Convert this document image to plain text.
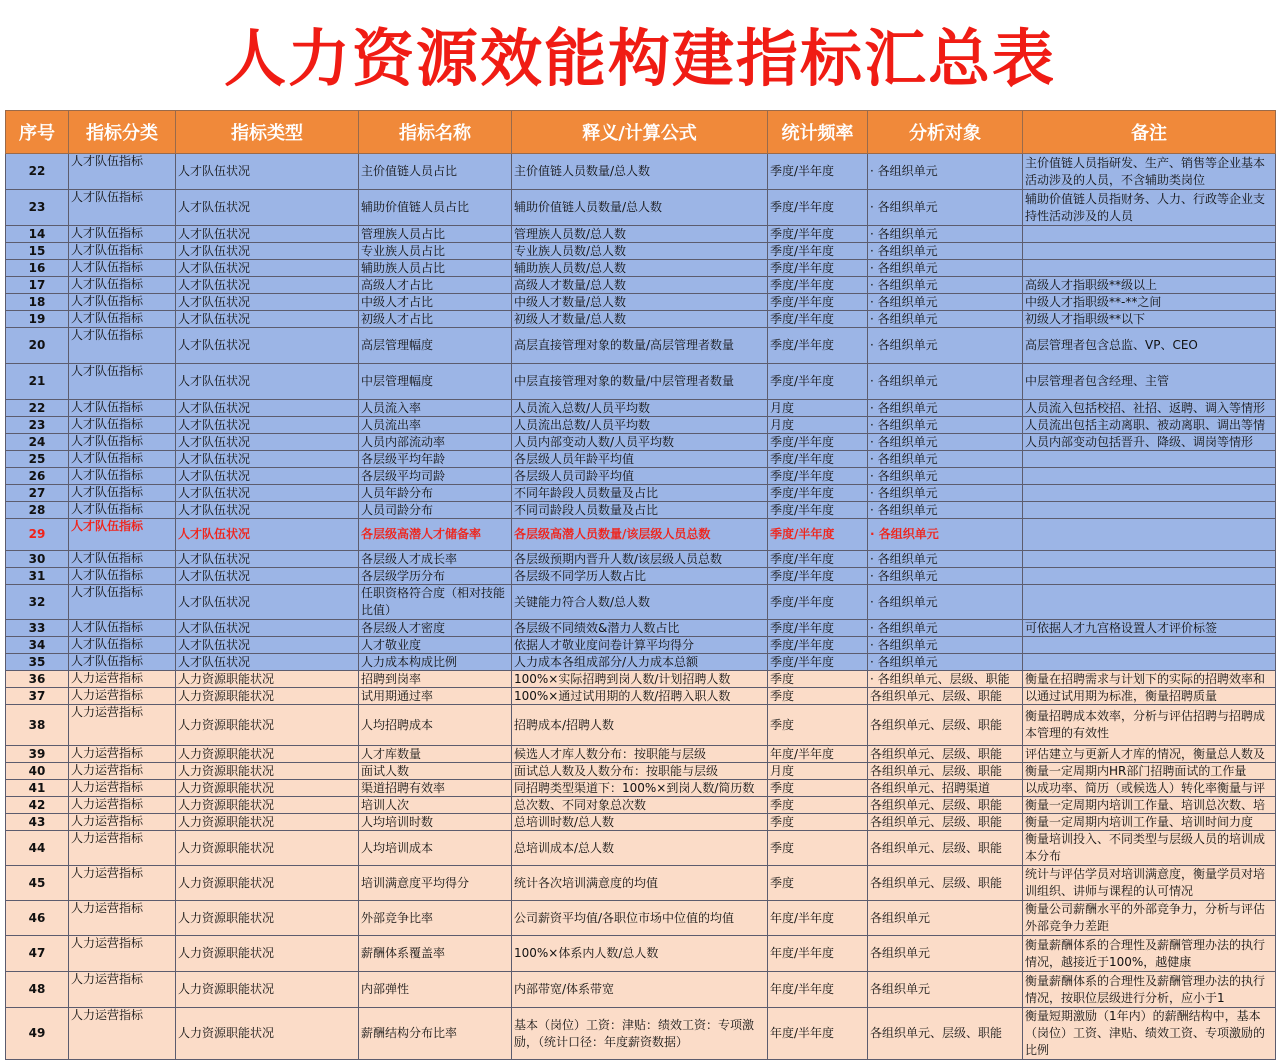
人力资源效能构建指标汇总表
序号	指标分类	指标类型	指标名称	释义/计算公式	统计频率	分析对象	备注
22	人才队伍指标	人才队伍状况	主价值链人员占比	主价值链人员数量/总人数	季度/半年度	· 各组织单元	主价值链人员指研发、生产、销售等企业基本活动涉及的人员，不含辅助类岗位
23	人才队伍指标	人才队伍状况	辅助价值链人员占比	辅助价值链人员数量/总人数	季度/半年度	· 各组织单元	辅助价值链人员指财务、人力、行政等企业支持性活动涉及的人员
14	人才队伍指标	人才队伍状况	管理族人员占比	管理族人员数/总人数	季度/半年度	· 各组织单元	
15	人才队伍指标	人才队伍状况	专业族人员占比	专业族人员数/总人数	季度/半年度	· 各组织单元	
16	人才队伍指标	人才队伍状况	辅助族人员占比	辅助族人员数/总人数	季度/半年度	· 各组织单元	
17	人才队伍指标	人才队伍状况	高级人才占比	高级人才数量/总人数	季度/半年度	· 各组织单元	高级人才指职级**级以上
18	人才队伍指标	人才队伍状况	中级人才占比	中级人才数量/总人数	季度/半年度	· 各组织单元	中级人才指职级**-**之间
19	人才队伍指标	人才队伍状况	初级人才占比	初级人才数量/总人数	季度/半年度	· 各组织单元	初级人才指职级**以下
20	人才队伍指标	人才队伍状况	高层管理幅度	高层直接管理对象的数量/高层管理者数量	季度/半年度	· 各组织单元	高层管理者包含总监、VP、CEO
21	人才队伍指标	人才队伍状况	中层管理幅度	中层直接管理对象的数量/中层管理者数量	季度/半年度	· 各组织单元	中层管理者包含经理、主管
22	人才队伍指标	人才队伍状况	人员流入率	人员流入总数/人员平均数	月度	· 各组织单元	人员流入包括校招、社招、返聘、调入等情形
23	人才队伍指标	人才队伍状况	人员流出率	人员流出总数/人员平均数	月度	· 各组织单元	人员流出包括主动离职、被动离职、调出等情
24	人才队伍指标	人才队伍状况	人员内部流动率	人员内部变动人数/人员平均数	季度/半年度	· 各组织单元	人员内部变动包括晋升、降级、调岗等情形
25	人才队伍指标	人才队伍状况	各层级平均年龄	各层级人员年龄平均值	季度/半年度	· 各组织单元	
26	人才队伍指标	人才队伍状况	各层级平均司龄	各层级人员司龄平均值	季度/半年度	· 各组织单元	
27	人才队伍指标	人才队伍状况	人员年龄分布	不同年龄段人员数量及占比	季度/半年度	· 各组织单元	
28	人才队伍指标	人才队伍状况	人员司龄分布	不同司龄段人员数量及占比	季度/半年度	· 各组织单元	
29	人才队伍指标	人才队伍状况	各层级高潜人才储备率	各层级高潜人员数量/该层级人员总数	季度/半年度	· 各组织单元	
30	人才队伍指标	人才队伍状况	各层级人才成长率	各层级预期内晋升人数/该层级人员总数	季度/半年度	· 各组织单元	
31	人才队伍指标	人才队伍状况	各层级学历分布	各层级不同学历人数占比	季度/半年度	· 各组织单元	
32	人才队伍指标	人才队伍状况	任职资格符合度（相对技能比值）	关键能力符合人数/总人数	季度/半年度	· 各组织单元	
33	人才队伍指标	人才队伍状况	各层级人才密度	各层级不同绩效&潜力人数占比	季度/半年度	· 各组织单元	可依据人才九宫格设置人才评价标签
34	人才队伍指标	人才队伍状况	人才敬业度	依据人才敬业度问卷计算平均得分	季度/半年度	· 各组织单元	
35	人才队伍指标	人才队伍状况	人力成本构成比例	人力成本各组成部分/人力成本总额	季度/半年度	· 各组织单元	
36	人力运营指标	人力资源职能状况	招聘到岗率	100%×实际招聘到岗人数/计划招聘人数	季度	· 各组织单元、层级、职能	衡量在招聘需求与计划下的实际的招聘效率和
37	人力运营指标	人力资源职能状况	试用期通过率	100%×通过试用期的人数/招聘入职人数	季度	各组织单元、层级、职能	以通过试用期为标准，衡量招聘质量
38	人力运营指标	人力资源职能状况	人均招聘成本	招聘成本/招聘人数	季度	各组织单元、层级、职能	衡量招聘成本效率，分析与评估招聘与招聘成本管理的有效性
39	人力运营指标	人力资源职能状况	人才库数量	候选人才库人数分布：按职能与层级	年度/半年度	各组织单元、层级、职能	评估建立与更新人才库的情况，衡量总人数及
40	人力运营指标	人力资源职能状况	面试人数	面试总人数及人数分布：按职能与层级	月度	各组织单元、层级、职能	衡量一定周期内HR部门招聘面试的工作量
41	人力运营指标	人力资源职能状况	渠道招聘有效率	同招聘类型渠道下：100%×到岗人数/简历数	季度	各组织单元、招聘渠道	以成功率、简历（或候选人）转化率衡量与评
42	人力运营指标	人力资源职能状况	培训人次	总次数、不同对象总次数	季度	各组织单元、层级、职能	衡量一定周期内培训工作量、培训总次数、培
43	人力运营指标	人力资源职能状况	人均培训时数	总培训时数/总人数	季度	各组织单元、层级、职能	衡量一定周期内培训工作量、培训时间力度
44	人力运营指标	人力资源职能状况	人均培训成本	总培训成本/总人数	季度	各组织单元、层级、职能	衡量培训投入、不同类型与层级人员的培训成本分布
45	人力运营指标	人力资源职能状况	培训满意度平均得分	统计各次培训满意度的均值	季度	各组织单元、层级、职能	统计与评估学员对培训满意度，衡量学员对培训组织、讲师与课程的认可情况
46	人力运营指标	人力资源职能状况	外部竞争比率	公司薪资平均值/各职位市场中位值的均值	年度/半年度	各组织单元	衡量公司薪酬水平的外部竞争力，分析与评估外部竞争力差距
47	人力运营指标	人力资源职能状况	薪酬体系覆盖率	100%×体系内人数/总人数	年度/半年度	各组织单元	衡量薪酬体系的合理性及薪酬管理办法的执行情况，越接近于100%，越健康
48	人力运营指标	人力资源职能状况	内部弹性	内部带宽/体系带宽	年度/半年度	各组织单元	衡量薪酬体系的合理性及薪酬管理办法的执行情况，按职位层级进行分析，应小于1
49	人力运营指标	人力资源职能状况	薪酬结构分布比率	基本（岗位）工资：津贴：绩效工资：专项激励，（统计口径：年度薪资数据）	年度/半年度	各组织单元、层级、职能	衡量短期激励（1年内）的薪酬结构中，基本（岗位）工资、津贴、绩效工资、专项激励的比例
